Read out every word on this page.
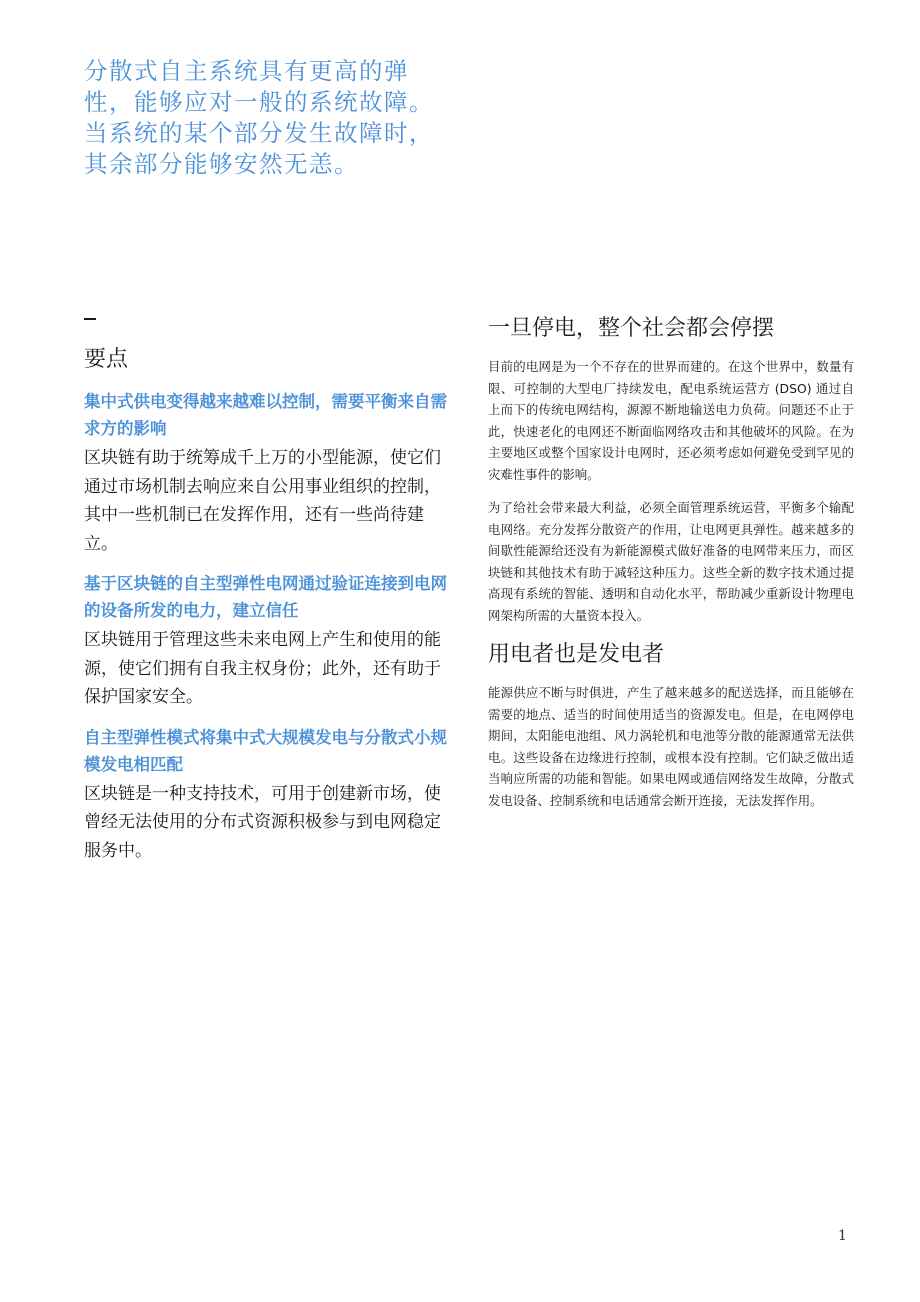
分散式自主系统具有更高的弹性，能够应对一般的系统故障。当系统的某个部分发生故障时，其余部分能够安然无恙。

要点

集中式供电变得越来越难以控制，需要平衡来自需求方的影响

区块链有助于统筹成千上万的小型能源，使它们通过市场机制去响应来自公用事业组织的控制，其中一些机制已在发挥作用，还有一些尚待建立。

基于区块链的自主型弹性电网通过验证连接到电网的设备所发的电力，建立信任

区块链用于管理这些未来电网上产生和使用的能源，使它们拥有自我主权身份；此外，还有助于保护国家安全。

自主型弹性模式将集中式大规模发电与分散式小规模发电相匹配

区块链是一种支持技术，可用于创建新市场，使曾经无法使用的分布式资源积极参与到电网稳定服务中。

一旦停电，整个社会都会停摆

目前的电网是为一个不存在的世界而建的。在这个世界中，数量有限、可控制的大型电厂持续发电，配电系统运营方 (DSO) 通过自上而下的传统电网结构，源源不断地输送电力负荷。问题还不止于此，快速老化的电网还不断面临网络攻击和其他破坏的风险。在为主要地区或整个国家设计电网时，还必须考虑如何避免受到罕见的灾难性事件的影响。

为了给社会带来最大利益，必须全面管理系统运营，平衡多个输配电网络。充分发挥分散资产的作用，让电网更具弹性。越来越多的间歇性能源给还没有为新能源模式做好准备的电网带来压力，而区块链和其他技术有助于减轻这种压力。这些全新的数字技术通过提高现有系统的智能、透明和自动化水平，帮助减少重新设计物理电网架构所需的大量资本投入。

用电者也是发电者

能源供应不断与时俱进，产生了越来越多的配送选择，而且能够在需要的地点、适当的时间使用适当的资源发电。但是，在电网停电期间，太阳能电池组、风力涡轮机和电池等分散的能源通常无法供电。这些设备在边缘进行控制，或根本没有控制。它们缺乏做出适当响应所需的功能和智能。如果电网或通信网络发生故障，分散式发电设备、控制系统和电话通常会断开连接，无法发挥作用。

1
